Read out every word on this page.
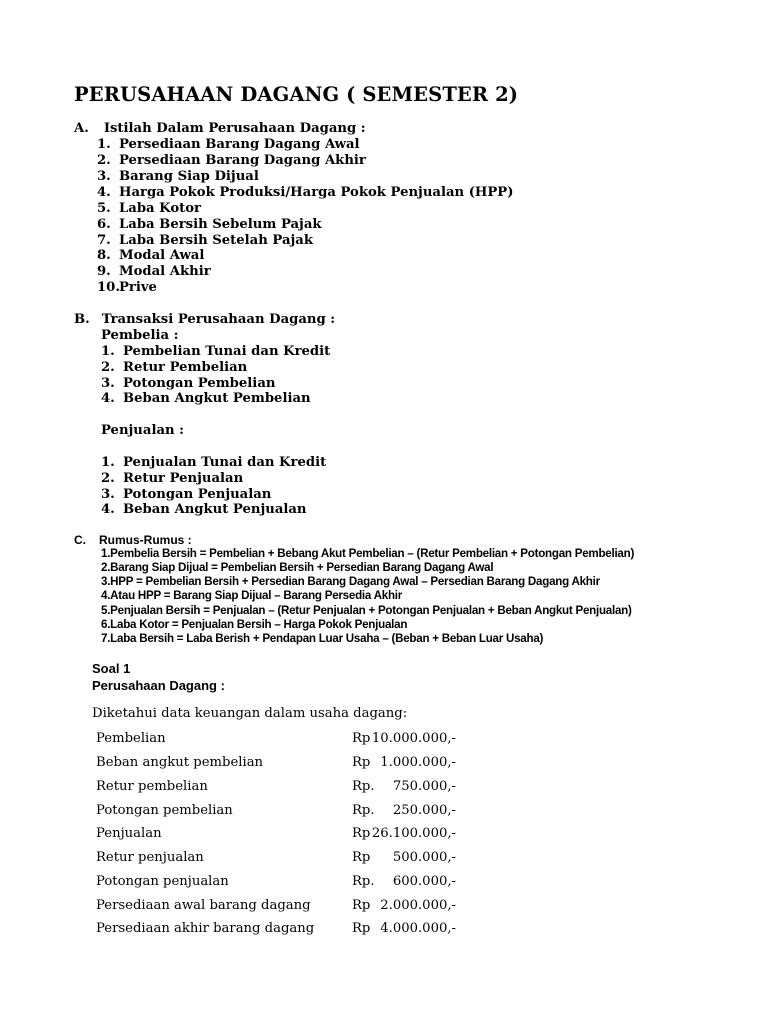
PERUSAHAAN DAGANG ( SEMESTER 2)
A. Istilah Dalam Perusahaan Dagang :
1. Persediaan Barang Dagang Awal
2. Persediaan Barang Dagang Akhir
3. Barang Siap Dijual
4. Harga Pokok Produksi/Harga Pokok Penjualan (HPP)
5. Laba Kotor
6. Laba Bersih Sebelum Pajak
7. Laba Bersih Setelah Pajak
8. Modal Awal
9. Modal Akhir
10.Prive
B. Transaksi Perusahaan Dagang :
Pembelia :
1. Pembelian Tunai dan Kredit
2. Retur Pembelian
3. Potongan Pembelian
4. Beban Angkut Pembelian
Penjualan :
1. Penjualan Tunai dan Kredit
2. Retur Penjualan
3. Potongan Penjualan
4. Beban Angkut Penjualan
C. Rumus-Rumus :
1.Pembelia Bersih = Pembelian + Bebang Akut Pembelian – (Retur Pembelian + Potongan Pembelian)
2.Barang Siap Dijual = Pembelian Bersih + Persedian Barang Dagang Awal
3.HPP = Pembelian Bersih + Persedian Barang Dagang Awal – Persedian Barang Dagang Akhir
4.Atau HPP = Barang Siap Dijual – Barang Persedia Akhir
5.Penjualan Bersih = Penjualan – (Retur Penjualan + Potongan Penjualan + Beban Angkut Penjualan)
6.Laba Kotor = Penjualan Bersih – Harga Pokok Penjualan
7.Laba Bersih = Laba Berish + Pendapan Luar Usaha – (Beban + Beban Luar Usaha)
Soal 1
Perusahaan Dagang :
Diketahui data keuangan dalam usaha dagang:
Pembelian	Rp 10.000.000,-
Beban angkut pembelian	Rp 1.000.000,-
Retur pembelian	Rp.	750.000,-
Potongan pembelian	Rp.	250.000,-
Penjualan	Rp 26.100.000,-
Retur penjualan	Rp	500.000,-
Potongan penjualan	Rp.	600.000,-
Persediaan awal barang dagang	Rp 2.000.000,-
Persediaan akhir barang dagang	Rp 4.000.000,-
